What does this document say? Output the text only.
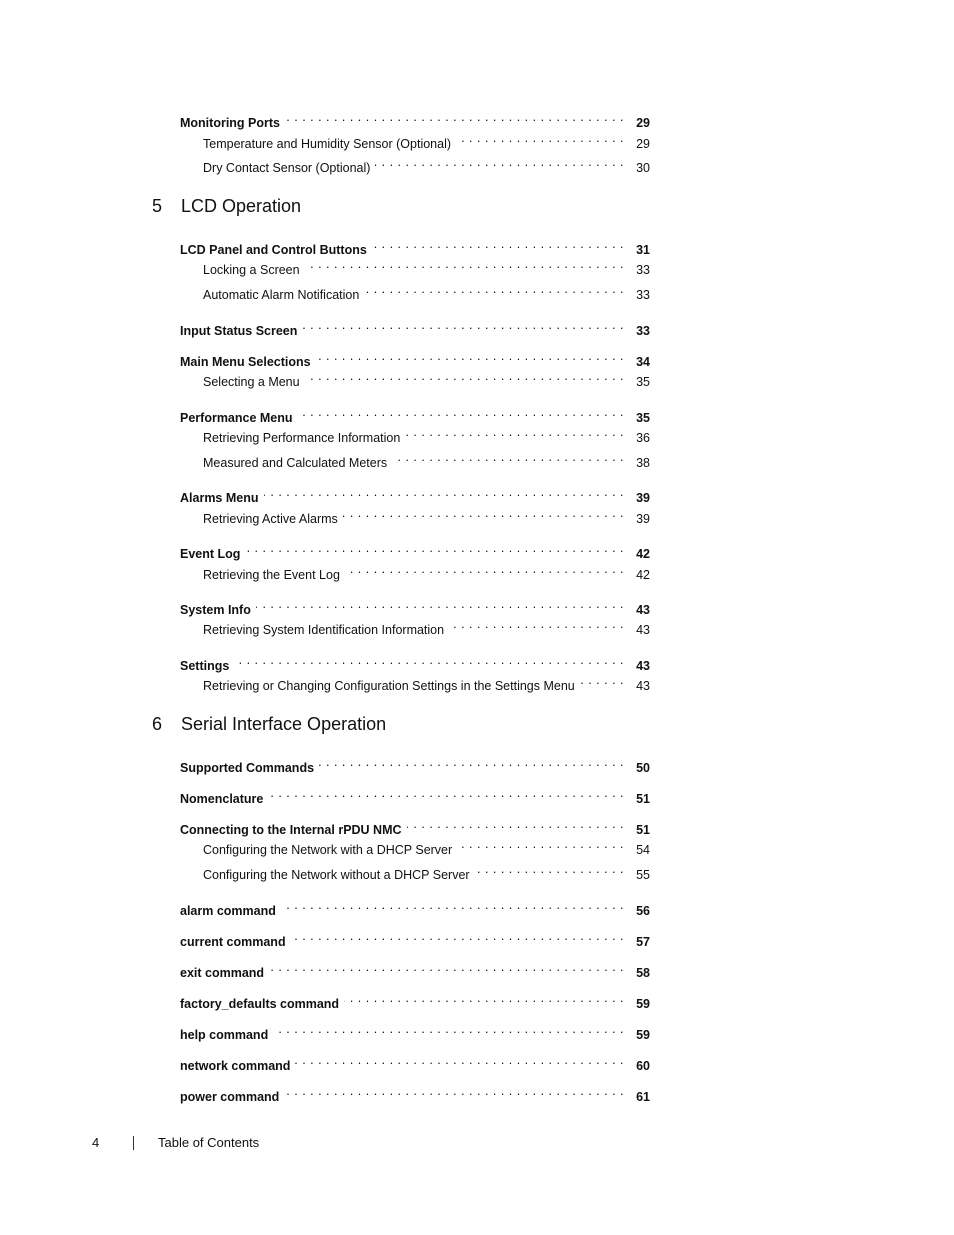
Monitoring Ports . . .	29
Temperature and Humidity Sensor (Optional) . . .	29
Dry Contact Sensor (Optional) . . .	30
5	LCD Operation
LCD Panel and Control Buttons . . .	31
Locking a Screen . . .	33
Automatic Alarm Notification . . .	33
Input Status Screen . . .	33
Main Menu Selections . . .	34
Selecting a Menu . . .	35
Performance Menu . . .	35
Retrieving Performance Information . . .	36
Measured and Calculated Meters . . .	38
Alarms Menu . . .	39
Retrieving Active Alarms . . .	39
Event Log . . .	42
Retrieving the Event Log . . .	42
System Info . . .	43
Retrieving System Identification Information . . .	43
Settings . . .	43
Retrieving or Changing Configuration Settings in the Settings Menu . . .	43
6	Serial Interface Operation
Supported Commands . . .	50
Nomenclature . . .	51
Connecting to the Internal rPDU NMC . . .	51
Configuring the Network with a DHCP Server . . .	54
Configuring the Network without a DHCP Server . . .	55
alarm command . . .	56
current command . . .	57
exit command . . .	58
factory_defaults command . . .	59
help command . . .	59
network command . . .	60
power command . . .	61
4	Table of Contents
